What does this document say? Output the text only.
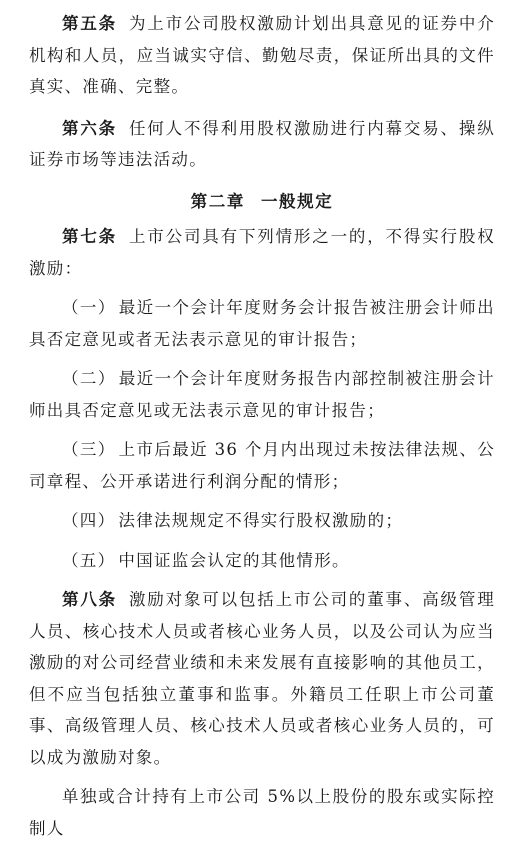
第五条 为上市公司股权激励计划出具意见的证券中介机构和人员，应当诚实守信、勤勉尽责，保证所出具的文件真实、准确、完整。

第六条 任何人不得利用股权激励进行内幕交易、操纵证券市场等违法活动。

第二章 一般规定

第七条 上市公司具有下列情形之一的，不得实行股权激励：

（一） 最近一个会计年度财务会计报告被注册会计师出具否定意见或者无法表示意见的审计报告；

（二） 最近一个会计年度财务报告内部控制被注册会计师出具否定意见或无法表示意见的审计报告；

（三） 上市后最近 36 个月内出现过未按法律法规、公司章程、公开承诺进行利润分配的情形；

（四） 法律法规规定不得实行股权激励的；

（五） 中国证监会认定的其他情形。

第八条 激励对象可以包括上市公司的董事、高级管理人员、核心技术人员或者核心业务人员，以及公司认为应当激励的对公司经营业绩和未来发展有直接影响的其他员工，但不应当包括独立董事和监事。外籍员工任职上市公司董事、高级管理人员、核心技术人员或者核心业务人员的，可以成为激励对象。

单独或合计持有上市公司 5%以上股份的股东或实际控制人
